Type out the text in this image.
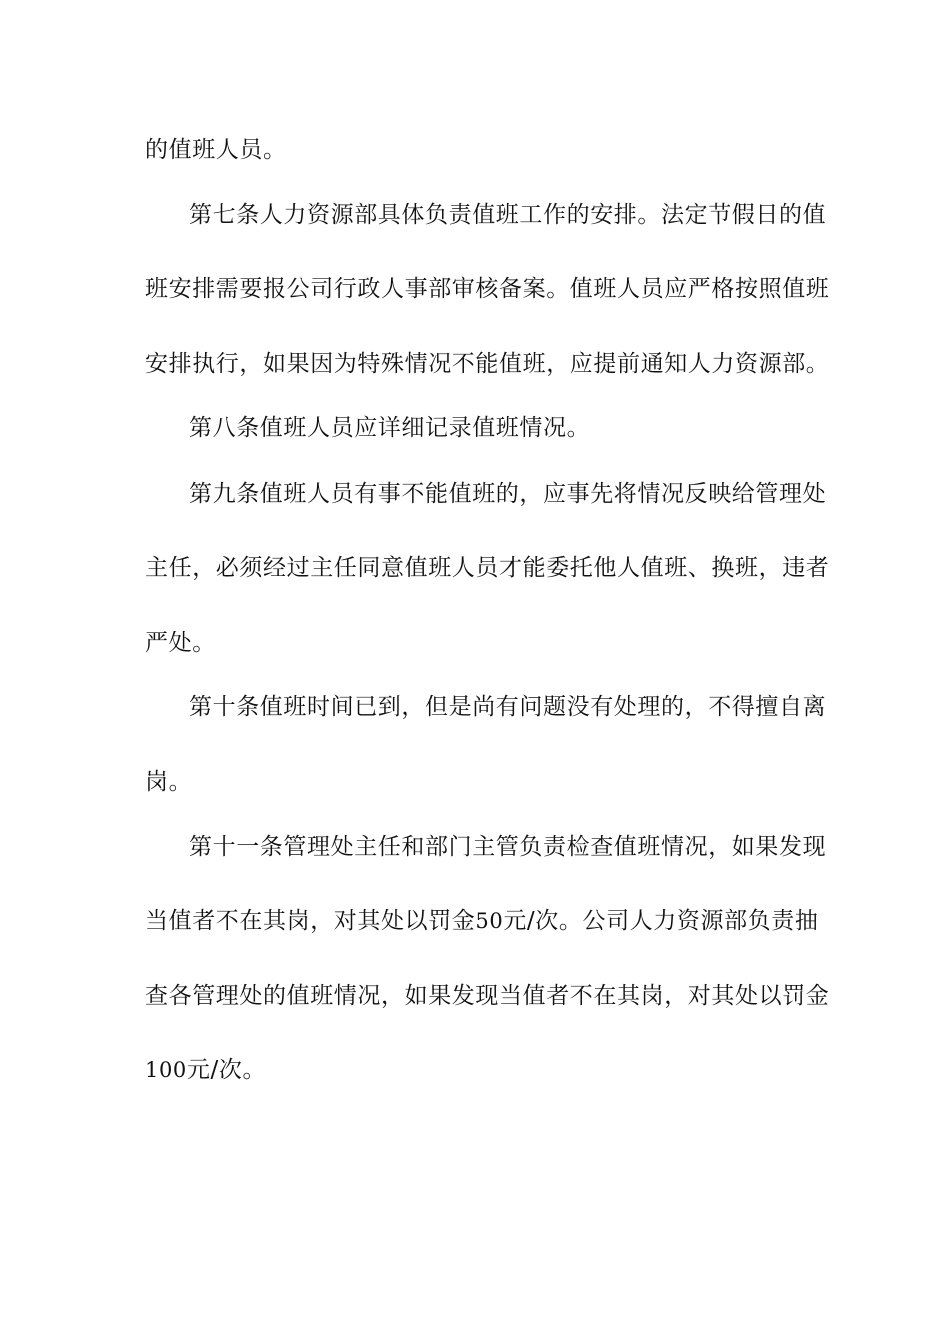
的值班人员。
第七条人力资源部具体负责值班工作的安排。法定节假日的值
班安排需要报公司行政人事部审核备案。值班人员应严格按照值班
安排执行，如果因为特殊情况不能值班，应提前通知人力资源部。
第八条值班人员应详细记录值班情况。
第九条值班人员有事不能值班的，应事先将情况反映给管理处
主任，必须经过主任同意值班人员才能委托他人值班、换班，违者
严处。
第十条值班时间已到，但是尚有问题没有处理的，不得擅自离
岗。
第十一条管理处主任和部门主管负责检查值班情况，如果发现
当值者不在其岗，对其处以罚金50元/次。公司人力资源部负责抽
查各管理处的值班情况，如果发现当值者不在其岗，对其处以罚金
100元/次。
